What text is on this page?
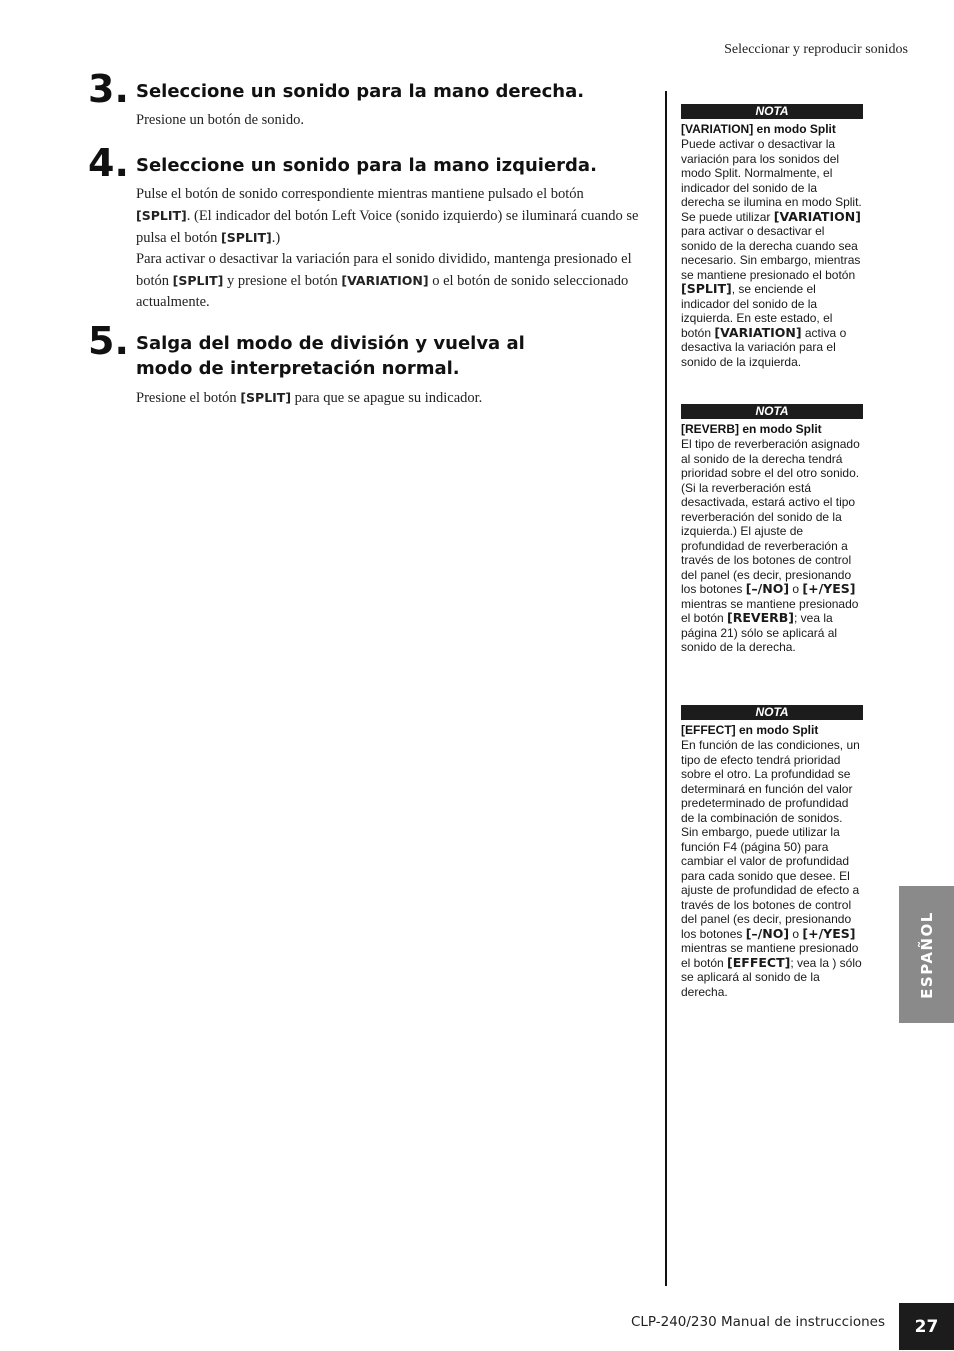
Seleccionar y reproducir sonidos
3. Seleccione un sonido para la mano derecha.
Presione un botón de sonido.
4. Seleccione un sonido para la mano izquierda.
Pulse el botón de sonido correspondiente mientras mantiene pulsado el botón [SPLIT]. (El indicador del botón Left Voice (sonido izquierdo) se iluminará cuando se pulsa el botón [SPLIT].)
Para activar o desactivar la variación para el sonido dividido, mantenga presionado el botón [SPLIT] y presione el botón [VARIATION] o el botón de sonido seleccionado actualmente.
5. Salga del modo de división y vuelva al modo de interpretación normal.
Presione el botón [SPLIT] para que se apague su indicador.
NOTA
[VARIATION] en modo Split
Puede activar o desactivar la variación para los sonidos del modo Split. Normalmente, el indicador del sonido de la derecha se ilumina en modo Split. Se puede utilizar [VARIATION] para activar o desactivar el sonido de la derecha cuando sea necesario. Sin embargo, mientras se mantiene presionado el botón [SPLIT], se enciende el indicador del sonido de la izquierda. En este estado, el botón [VARIATION] activa o desactiva la variación para el sonido de la izquierda.
NOTA
[REVERB] en modo Split
El tipo de reverberación asignado al sonido de la derecha tendrá prioridad sobre el del otro sonido. (Si la reverberación está desactivada, estará activo el tipo reverberación del sonido de la izquierda.) El ajuste de profundidad de reverberación a través de los botones de control del panel (es decir, presionando los botones [–/NO] o [+/YES] mientras se mantiene presionado el botón [REVERB]; vea la página 21) sólo se aplicará al sonido de la derecha.
NOTA
[EFFECT] en modo Split
En función de las condiciones, un tipo de efecto tendrá prioridad sobre el otro. La profundidad se determinará en función del valor predeterminado de profundidad de la combinación de sonidos. Sin embargo, puede utilizar la función F4 (página 50) para cambiar el valor de profundidad para cada sonido que desee. El ajuste de profundidad de efecto a través de los botones de control del panel (es decir, presionando los botones [–/NO] o [+/YES] mientras se mantiene presionado el botón [EFFECT]; vea la ) sólo se aplicará al sonido de la derecha.	ESPAÑOL
CLP-240/230 Manual de instrucciones	27
